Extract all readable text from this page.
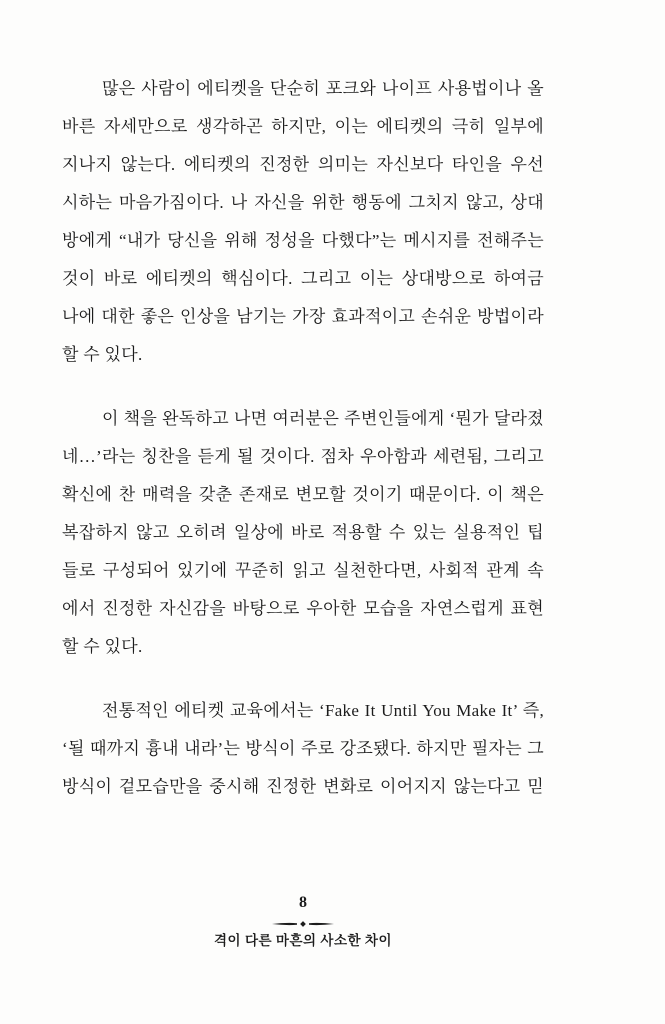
많은 사람이 에티켓을 단순히 포크와 나이프 사용법이나 올
바른 자세만으로 생각하곤 하지만, 이는 에티켓의 극히 일부에
지나지 않는다. 에티켓의 진정한 의미는 자신보다 타인을 우선
시하는 마음가짐이다. 나 자신을 위한 행동에 그치지 않고, 상대
방에게 “내가 당신을 위해 정성을 다했다”는 메시지를 전해주는
것이 바로 에티켓의 핵심이다. 그리고 이는 상대방으로 하여금
나에 대한 좋은 인상을 남기는 가장 효과적이고 손쉬운 방법이라
할 수 있다.

이 책을 완독하고 나면 여러분은 주변인들에게 ‘뭔가 달라졌
네…’라는 칭찬을 듣게 될 것이다. 점차 우아함과 세련됨, 그리고
확신에 찬 매력을 갖춘 존재로 변모할 것이기 때문이다. 이 책은
복잡하지 않고 오히려 일상에 바로 적용할 수 있는 실용적인 팁
들로 구성되어 있기에 꾸준히 읽고 실천한다면, 사회적 관계 속
에서 진정한 자신감을 바탕으로 우아한 모습을 자연스럽게 표현
할 수 있다.

전통적인 에티켓 교육에서는 ‘Fake It Until You Make It’ 즉,
‘될 때까지 흉내 내라’는 방식이 주로 강조됐다. 하지만 필자는 그
방식이 겉모습만을 중시해 진정한 변화로 이어지지 않는다고 믿

8
격이 다른 마흔의 사소한 차이
